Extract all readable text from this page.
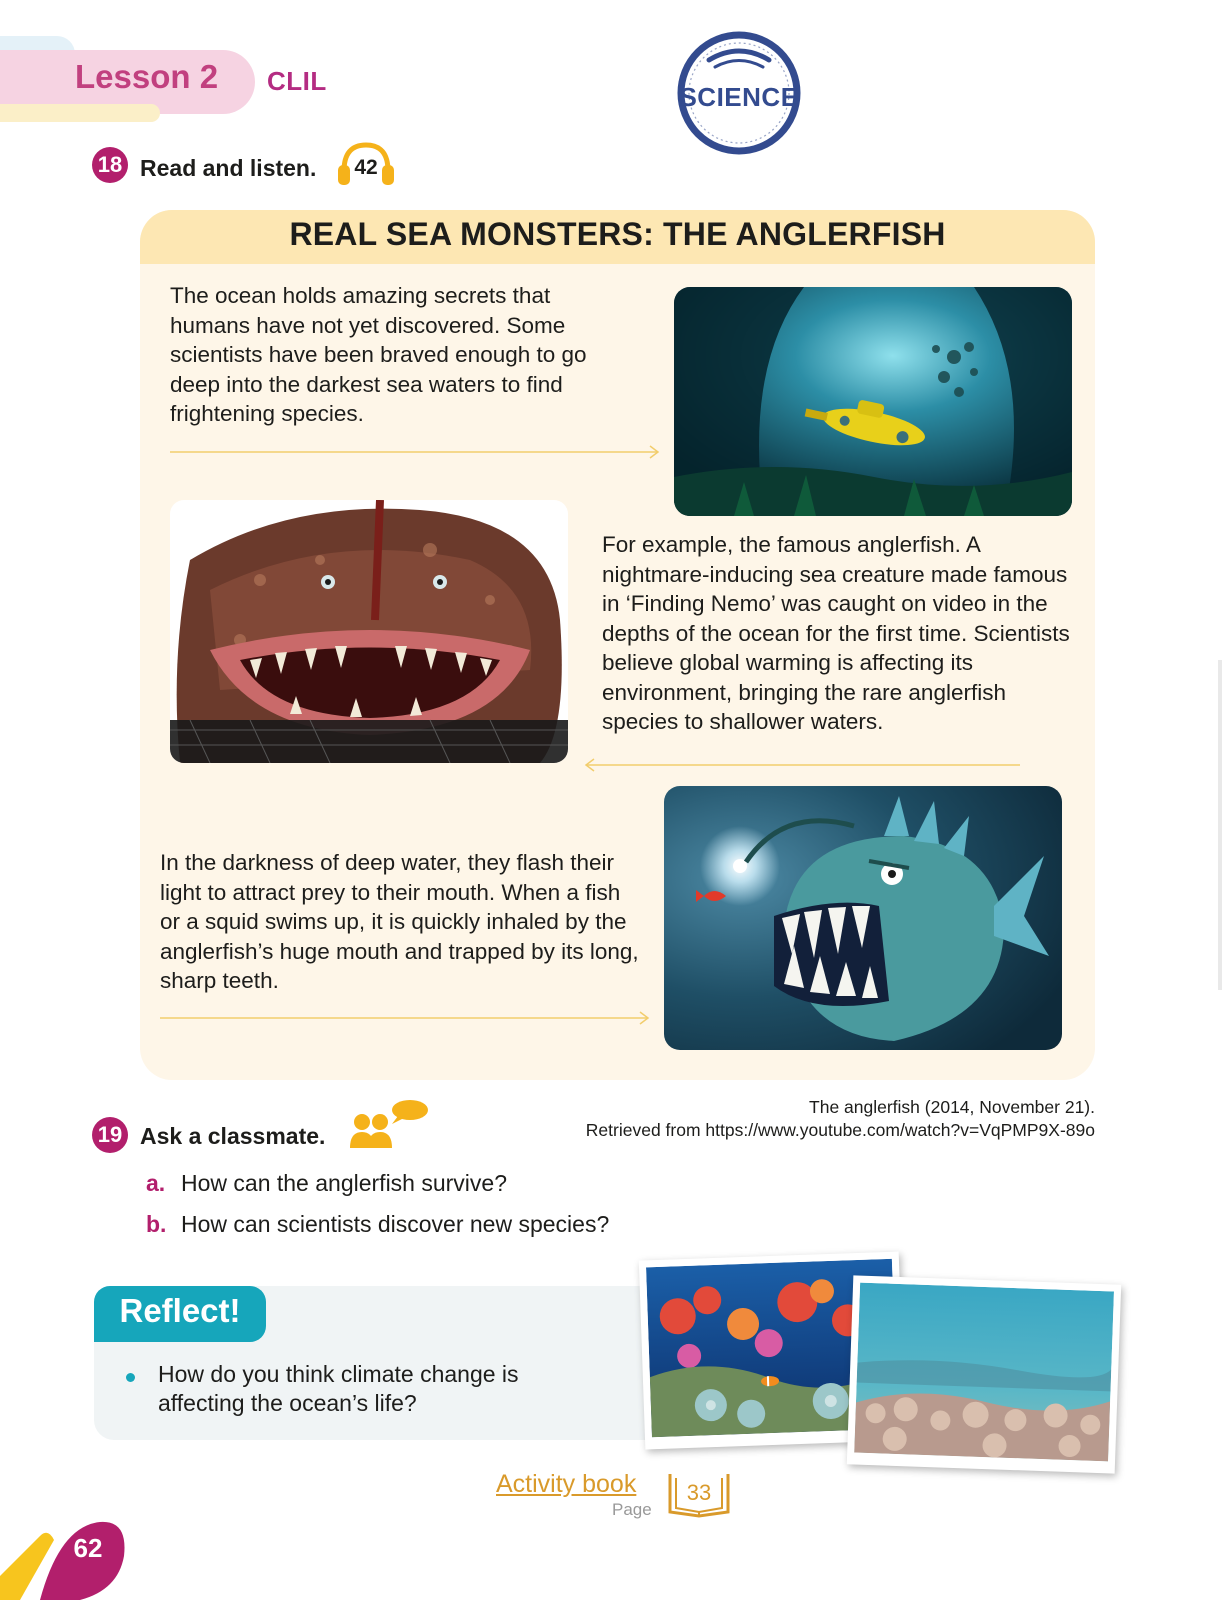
Lesson 2 CLIL
SCIENCE
18 Read and listen.	42
REAL SEA MONSTERS: THE ANGLERFISH
The ocean holds amazing secrets that humans have not yet discovered. Some scientists have been braved enough to go deep into the darkest sea waters to find frightening species.
For example, the famous anglerfish. A nightmare-inducing sea creature made famous in ‘Finding Nemo’ was caught on video in the depths of the ocean for the first time. Scientists believe global warming is affecting its environment, bringing the rare anglerfish species to shallower waters.
In the darkness of deep water, they flash their light to attract prey to their mouth. When a fish or a squid swims up, it is quickly inhaled by the anglerfish’s huge mouth and trapped by its long, sharp teeth.
19 Ask a classmate.
The anglerfish (2014, November 21).
Retrieved from https://www.youtube.com/watch?v=VqPMP9X-89o
a. How can the anglerfish survive?
b. How can scientists discover new species?
Reflect!
How do you think climate change is affecting the ocean’s life?
Activity book
Page
33
62
